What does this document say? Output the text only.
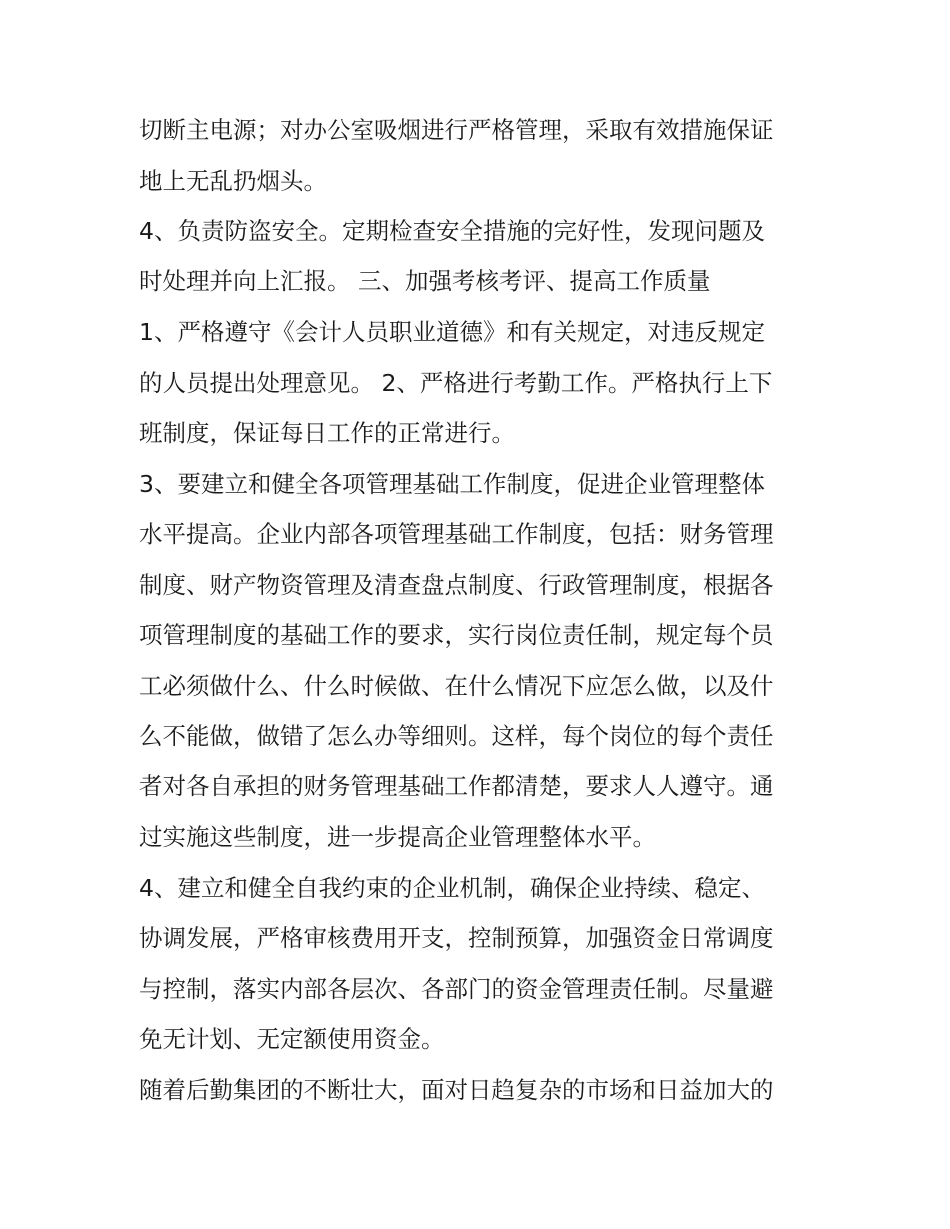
切断主电源；对办公室吸烟进行严格管理，采取有效措施保证
地上无乱扔烟头。
4、负责防盗安全。定期检查安全措施的完好性，发现问题及
时处理并向上汇报。 三、加强考核考评、提高工作质量
1、严格遵守《会计人员职业道德》和有关规定，对违反规定
的人员提出处理意见。 2、严格进行考勤工作。严格执行上下
班制度，保证每日工作的正常进行。
3、要建立和健全各项管理基础工作制度，促进企业管理整体
水平提高。企业内部各项管理基础工作制度，包括：财务管理
制度、财产物资管理及清查盘点制度、行政管理制度，根据各
项管理制度的基础工作的要求，实行岗位责任制，规定每个员
工必须做什么、什么时候做、在什么情况下应怎么做，以及什
么不能做，做错了怎么办等细则。这样，每个岗位的每个责任
者对各自承担的财务管理基础工作都清楚，要求人人遵守。通
过实施这些制度，进一步提高企业管理整体水平。
4、建立和健全自我约束的企业机制，确保企业持续、稳定、
协调发展，严格审核费用开支，控制预算，加强资金日常调度
与控制，落实内部各层次、各部门的资金管理责任制。尽量避
免无计划、无定额使用资金。
随着后勤集团的不断壮大，面对日趋复杂的市场和日益加大的
